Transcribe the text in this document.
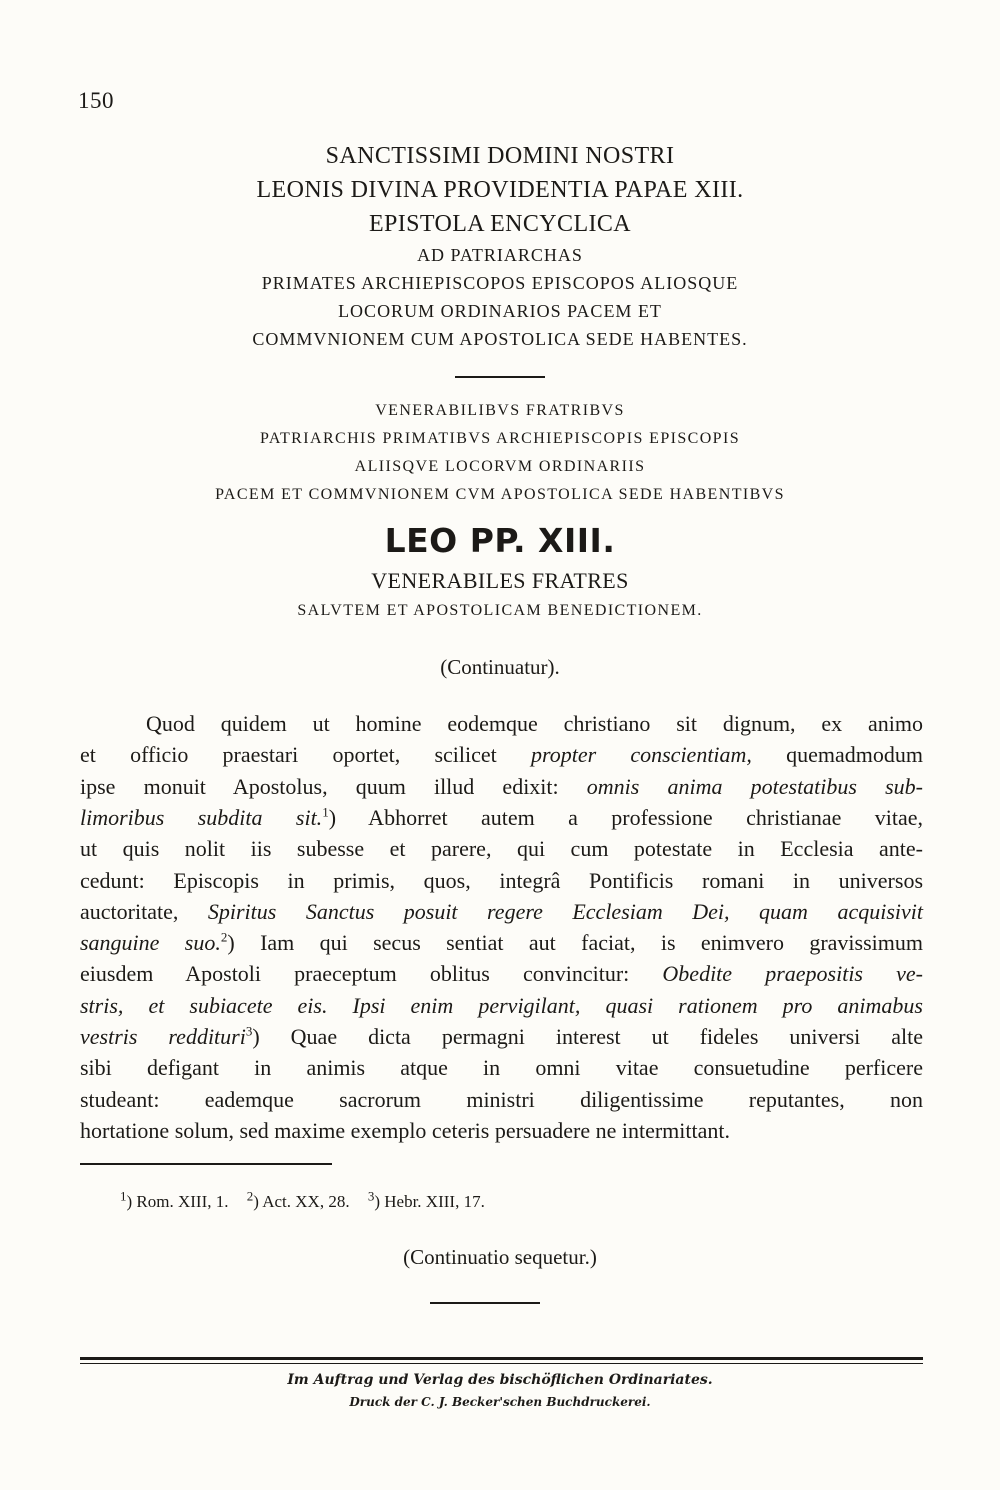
150
SANCTISSIMI DOMINI NOSTRI
LEONIS DIVINA PROVIDENTIA PAPAE XIII.
EPISTOLA ENCYCLICA
AD PATRIARCHAS
PRIMATES ARCHIEPISCOPOS EPISCOPOS ALIOSQUE
LOCORUM ORDINARIOS PACEM ET
COMMVNIONEM CUM APOSTOLICA SEDE HABENTES.
VENERABILIBVS FRATRIBVS
PATRIARCHIS PRIMATIBVS ARCHIEPISCOPIS EPISCOPIS
ALIISQVE LOCORVM ORDINARIIS
PACEM ET COMMVNIONEM CVM APOSTOLICA SEDE HABENTIBVS
LEO PP. XIII.
VENERABILES FRATRES
SALVTEM ET APOSTOLICAM BENEDICTIONEM.
(Continuatur).
Quod quidem ut homine eodemque christiano sit dignum, ex animo
et officio praestari oportet, scilicet propter conscientiam, quemadmodum
ipse monuit Apostolus, quum illud edixit: omnis anima potestatibus sub-
limoribus subdita sit.$^1$) Abhorret autem a professione christianae vitae,
ut quis nolit iis subesse et parere, qui cum potestate in Ecclesia ante-
cedunt: Episcopis in primis, quos, integrâ Pontificis romani in universos
auctoritate, Spiritus Sanctus posuit regere Ecclesiam Dei, quam acquisivit
sanguine suo.$^2$) Iam qui secus sentiat aut faciat, is enimvero gravissimum
eiusdem Apostoli praeceptum oblitus convincitur: Obedite praepositis ve-
stris, et subiacete eis. Ipsi enim pervigilant, quasi rationem pro animabus
vestris reddituri$^3$) Quae dicta permagni interest ut fideles universi alte
sibi defigant in animis atque in omni vitae consuetudine perficere
studeant: eademque sacrorum ministri diligentissime reputantes, non
hortatione solum, sed maxime exemplo ceteris persuadere ne intermittant.
$^1$) Rom. XIII, 1. $^2$) Act. XX, 28. $^3$) Hebr. XIII, 17.
(Continuatio sequetur.)
Im Auftrag und Verlag des bischöflichen Ordinariates.
Druck der C. J. Becker'schen Buchdruckerei.
